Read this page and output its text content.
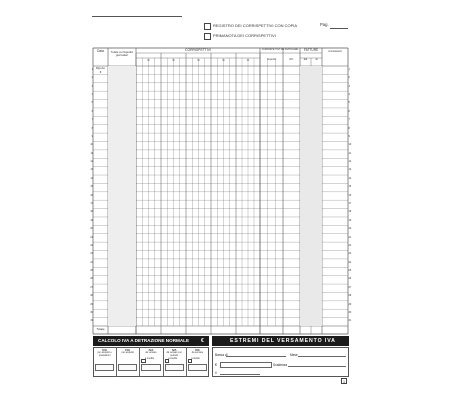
REGISTRO DEI CORRISPETTIVI CON COPIA
PRIMANOTA DEI CORRISPETTIVI
Pag.
1	1
2	2
3	3
4	4
5	5
6	6
7	7
8	8
9	9
10	10
11	11
12	12
13	13
14	14
15	15
16	16
17	17
18	18
19	19
20	20
21	21
22	22
23	23
24	24
25	25
26	26
27	27
28	28
29	29
30	30
31	31
Data	Totale corrispettivi giornalieri
CORRISPETTIVI
%	%	%	%	%
CORRISPETTIVI DA VENTILARE
Importo	Rif.
FATTURE
dal	al
Annotazioni
Riporto
€
Totale
CALCOLO IVA A DETRAZIONE NORMALE €
IVA
per acquisti e prestazioni
IVA
per acquisti
IVA
da versare
IVA
da versare per periodo
IVA
da versare
a credito	a credito	a debito
ESTREMI DEL VERSAMENTO IVA
Banca di	Mese
€	Scadenza
il
1
